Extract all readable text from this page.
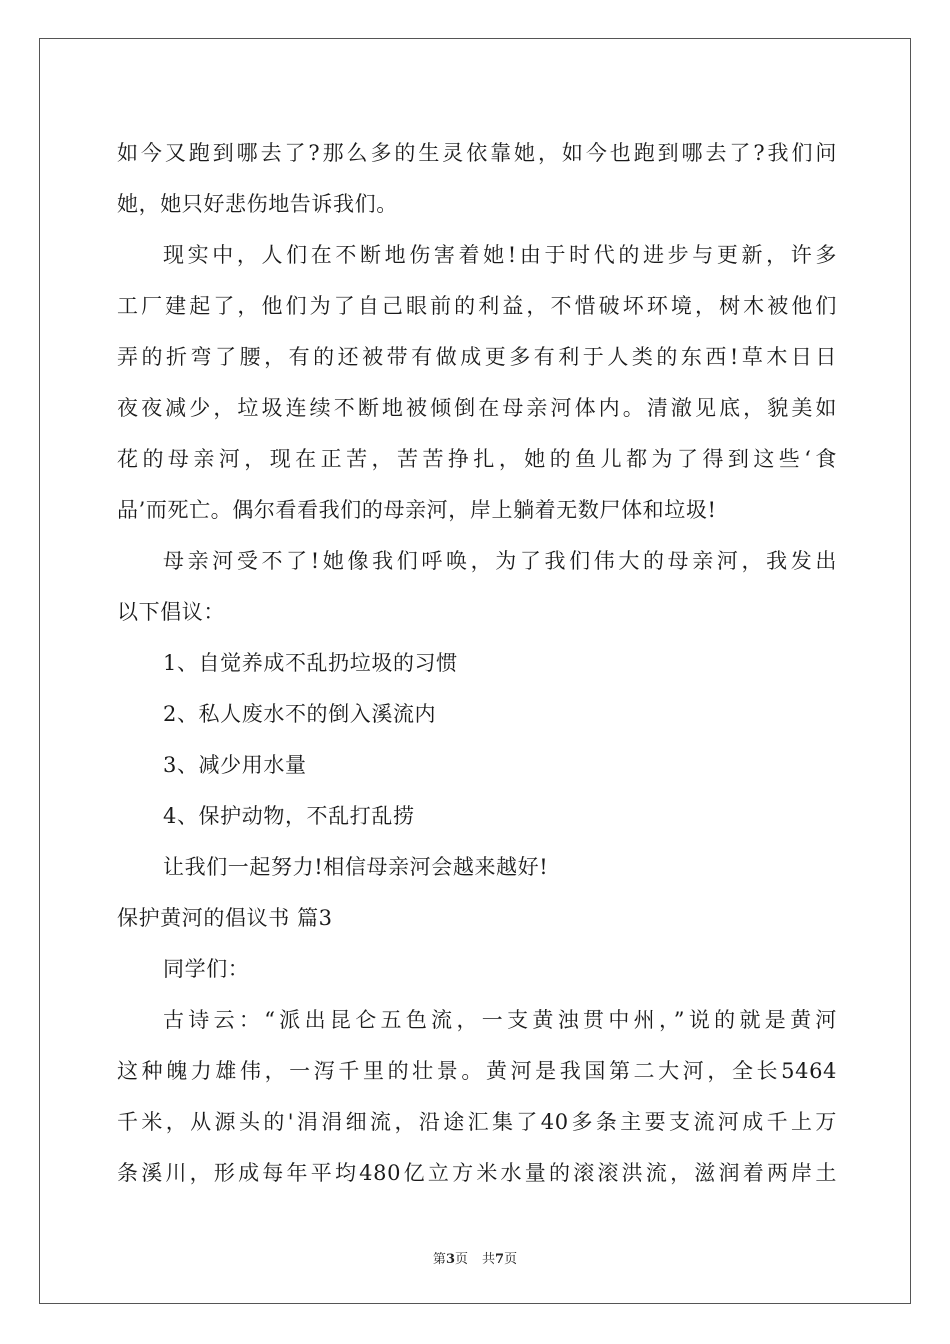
如今又跑到哪去了?那么多的生灵依靠她，如今也跑到哪去了?我们问
她，她只好悲伤地告诉我们。
现实中，人们在不断地伤害着她!由于时代的进步与更新，许多
工厂建起了，他们为了自己眼前的利益，不惜破坏环境，树木被他们
弄的折弯了腰，有的还被带有做成更多有利于人类的东西!草木日日
夜夜减少，垃圾连续不断地被倾倒在母亲河体内。清澈见底，貌美如
花的母亲河，现在正苦，苦苦挣扎，她的鱼儿都为了得到这些‘食
品’而死亡。偶尔看看我们的母亲河，岸上躺着无数尸体和垃圾!
母亲河受不了!她像我们呼唤，为了我们伟大的母亲河，我发出
以下倡议：
1、自觉养成不乱扔垃圾的习惯
2、私人废水不的倒入溪流内
3、减少用水量
4、保护动物，不乱打乱捞
让我们一起努力!相信母亲河会越来越好!
保护黄河的倡议书 篇3
同学们：
古诗云：“派出昆仑五色流，一支黄浊贯中州，”说的就是黄河
这种魄力雄伟，一泻千里的壮景。黄河是我国第二大河，全长5464
千米，从源头的'涓涓细流，沿途汇集了40多条主要支流河成千上万
条溪川，形成每年平均480亿立方米水量的滚滚洪流，滋润着两岸土
第3页 共7页
